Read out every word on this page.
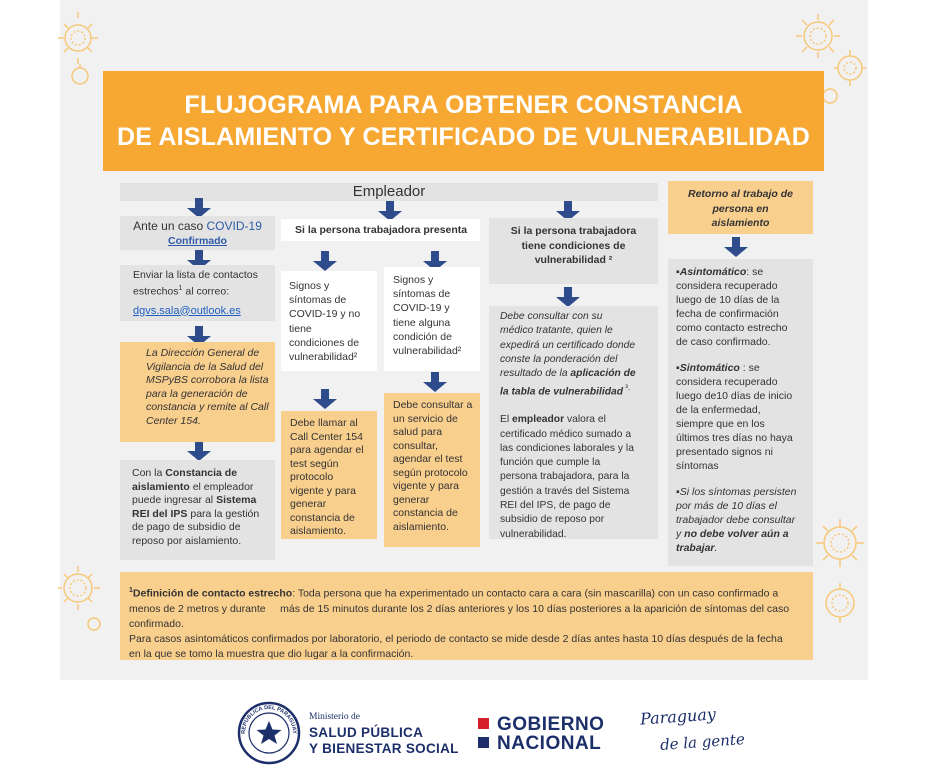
FLUJOGRAMA PARA OBTENER CONSTANCIA
DE AISLAMIENTO Y CERTIFICADO DE VULNERABILIDAD
Empleador	Retorno al trabajo de
persona en
aislamiento
Ante un caso COVID-19
Confirmado
Enviar la lista de contactos
estrechos$^1$ al correo:
dgvs.sala@outlook.es
La Dirección General de
Vigilancia de la Salud del
MSPyBS corrobora la lista
para la generación de
constancia y remite al Call
Center 154.
Con la Constancia de
aislamiento el empleador
puede ingresar al Sistema
REI del IPS para la gestión
de pago de subsidio de
reposo por aislamiento.
Si la persona trabajadora presenta
Signos y
síntomas de
COVID-19 y no
tiene
condiciones de
vulnerabilidad²
Signos y
síntomas de
COVID-19 y
tiene alguna
condición de
vulnerabilidad²
Debe llamar al
Call Center 154
para agendar el
test según
protocolo
vigente y para
generar
constancia de
aislamiento.
Debe consultar a
un servicio de
salud para
consultar,
agendar el test
según protocolo
vigente y para
generar
constancia de
aislamiento.
Si la persona trabajadora
tiene condiciones de
vulnerabilidad ²
Debe consultar con su
médico tratante, quien le
expedirá un certificado donde
conste la ponderación del
resultado de la aplicación de
la tabla de vulnerabilidad $^{^3.}$
El empleador valora el
certificado médico sumado a
las condiciones laborales y la
función que cumple la
persona trabajadora, para la
gestión a través del Sistema
REI del IPS, de pago de
subsidio de reposo por
vulnerabilidad.
▪Asintomático: se
considera recuperado
luego de 10 días de la
fecha de confirmación
como contacto estrecho
de caso confirmado.
▪Sintomático : se
considera recuperado
luego de10 días de inicio
de la enfermedad,
siempre que en los
últimos tres días no haya
presentado signos ni
síntomas
▪Si los síntomas persisten
por más de 10 días el
trabajador debe consultar
y no debe volver aún a
trabajar.
$^1$Definición de contacto estrecho: Toda persona que ha experimentado un contacto cara a cara (sin mascarilla) con un caso confirmado a
menos de 2 metros y durante     más de 15 minutos durante los 2 días anteriores y los 10 días posteriores a la aparición de síntomas del caso
confirmado.
Para casos asintomáticos confirmados por laboratorio, el periodo de contacto se mide desde 2 días antes hasta 10 días después de la fecha
en la que se tomo la muestra que dio lugar a la confirmación.
REPÚBLICA DEL PARAGUAY
Ministerio de
SALUD PÚBLICA
Y BIENESTAR SOCIAL
GOBIERNO
NACIONAL
Paraguay
de la gente
